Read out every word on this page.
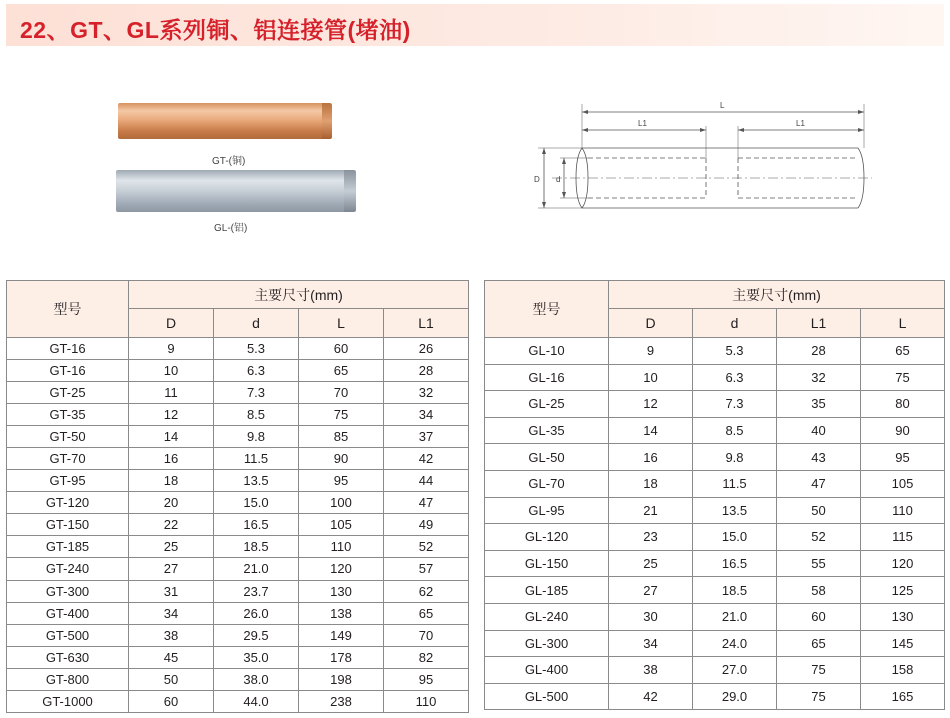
22、GT、GL系列铜、铝连接管(堵油)
GT-(铜)
GL-(铝)
L
L1	L1
D d
型号	主要尺寸(mm)			
	D	d	L	L1
GT-16	9	5.3	60	26
GT-16	10	6.3	65	28
GT-25	11	7.3	70	32
GT-35	12	8.5	75	34
GT-50	14	9.8	85	37
GT-70	16	11.5	90	42
GT-95	18	13.5	95	44
GT-120	20	15.0	100	47
GT-150	22	16.5	105	49
GT-185	25	18.5	110	52
GT-240	27	21.0	120	57
GT-300	31	23.7	130	62
GT-400	34	26.0	138	65
GT-500	38	29.5	149	70
GT-630	45	35.0	178	82
GT-800	50	38.0	198	95
GT-1000	60	44.0	238	110
型号	主要尺寸(mm)			
	D	d	L1	L
GL-10	9	5.3	28	65
GL-16	10	6.3	32	75
GL-25	12	7.3	35	80
GL-35	14	8.5	40	90
GL-50	16	9.8	43	95
GL-70	18	11.5	47	105
GL-95	21	13.5	50	110
GL-120	23	15.0	52	115
GL-150	25	16.5	55	120
GL-185	27	18.5	58	125
GL-240	30	21.0	60	130
GL-300	34	24.0	65	145
GL-400	38	27.0	75	158
GL-500	42	29.0	75	165
